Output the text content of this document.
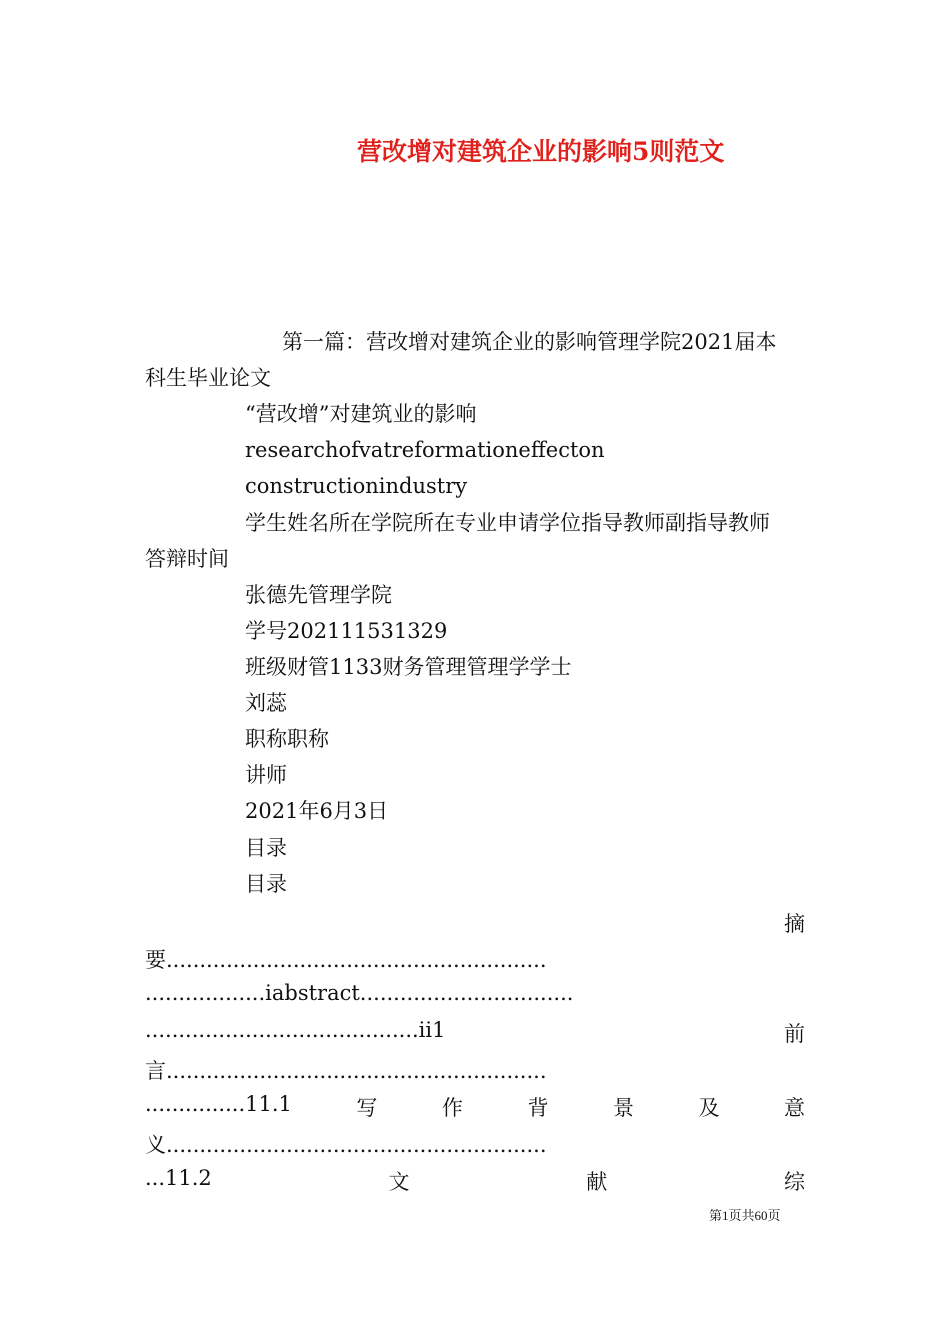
营改增对建筑企业的影响5则范文
第一篇：营改增对建筑企业的影响管理学院2021届本
科生毕业论文
“营改增”对建筑业的影响
researchofvatreformationeffecton
constructionindustry
学生姓名所在学院所在专业申请学位指导教师副指导教师
答辩时间
张德先管理学院
学号202111531329
班级财管1133财务管理管理学学士
刘蕊
职称职称
讲师
2021年6月3日
目录
目录
摘
要.........................................................
..................iabstract................................
.........................................ii1	前
言.........................................................
...............11.1	写	作	背	景	及	意
义.........................................................
...11.2	文	献	综
第1页共60页
